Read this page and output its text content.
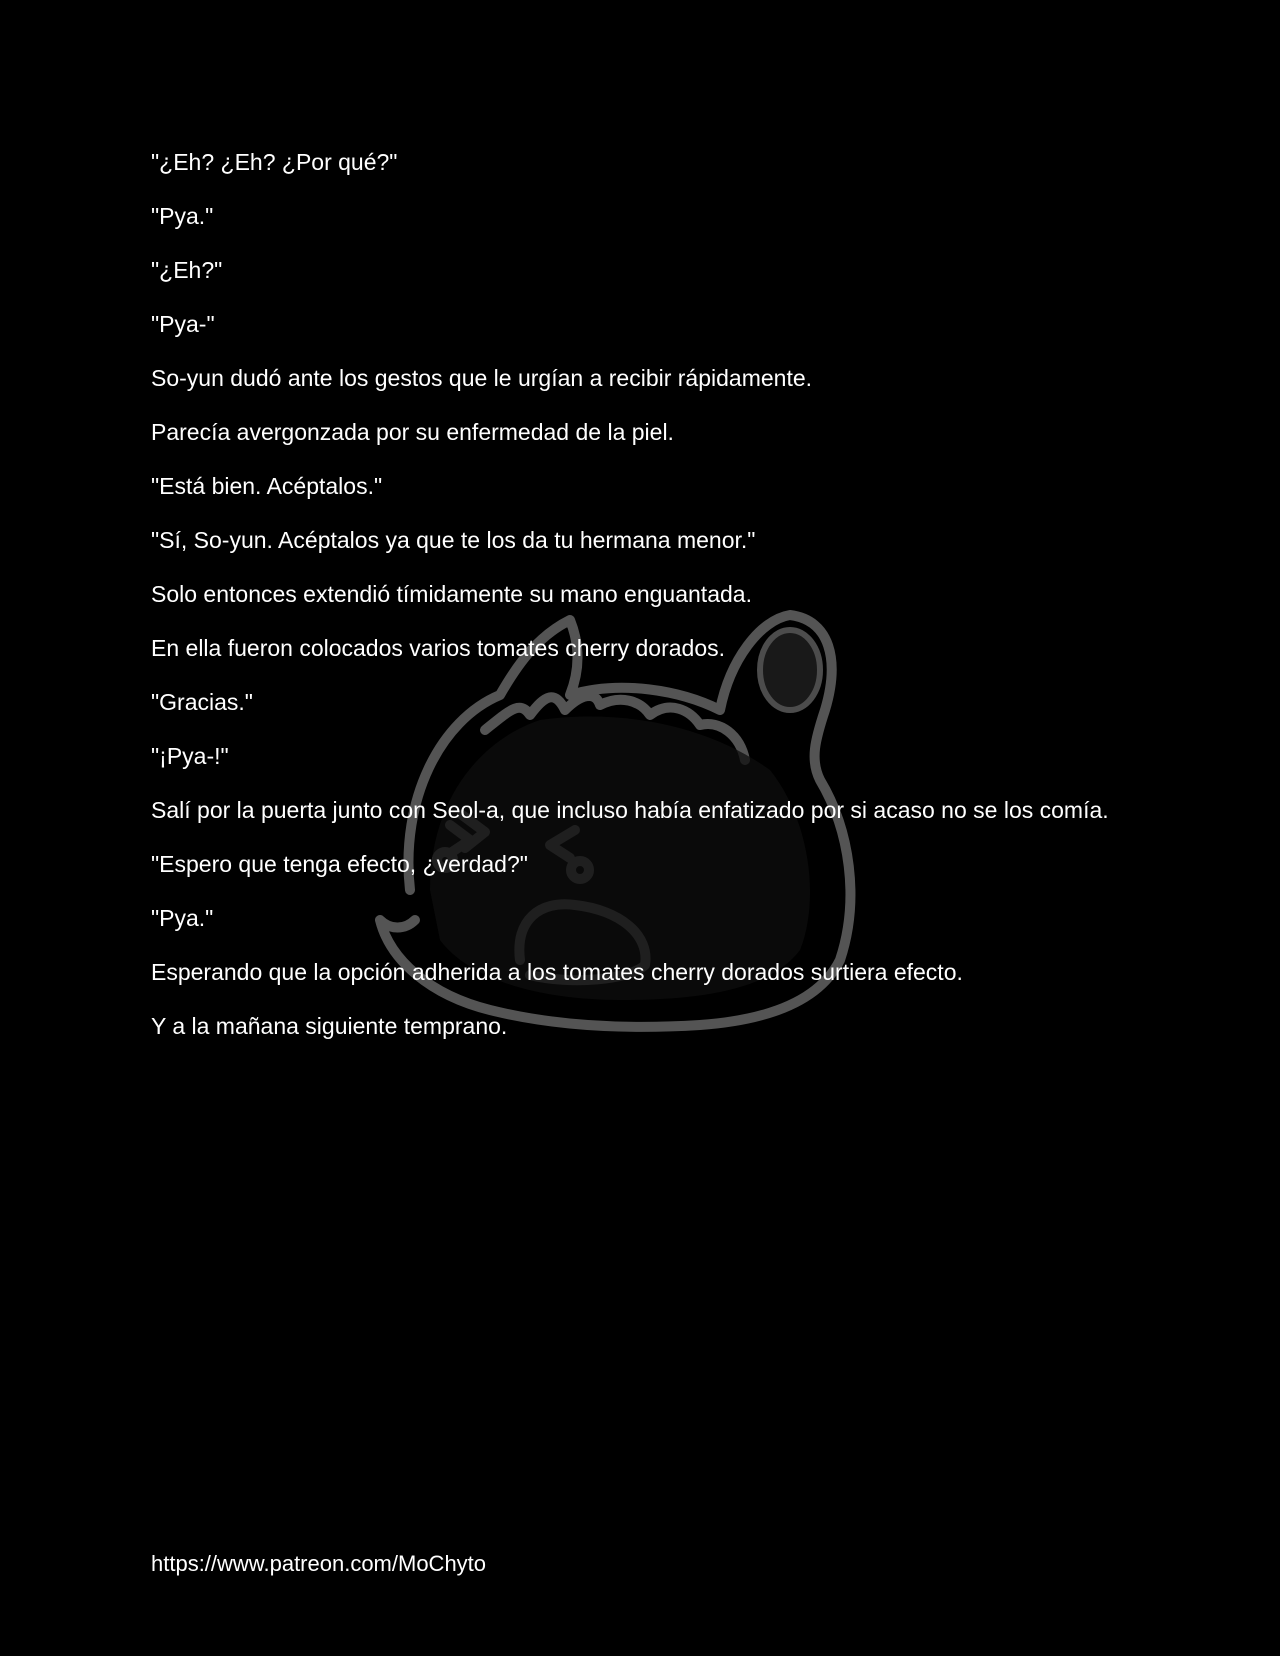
"¿Eh? ¿Eh? ¿Por qué?"

"Pya."

"¿Eh?"

"Pya-"

So-yun dudó ante los gestos que le urgían a recibir rápidamente.

Parecía avergonzada por su enfermedad de la piel.

"Está bien. Acéptalos."

"Sí, So-yun. Acéptalos ya que te los da tu hermana menor."

Solo entonces extendió tímidamente su mano enguantada.

En ella fueron colocados varios tomates cherry dorados.

"Gracias."

"¡Pya-!"

Salí por la puerta junto con Seol-a, que incluso había enfatizado por si acaso no se los comía.

"Espero que tenga efecto, ¿verdad?"

"Pya."

Esperando que la opción adherida a los tomates cherry dorados surtiera efecto.

Y a la mañana siguiente temprano.

https://www.patreon.com/MoChyto
